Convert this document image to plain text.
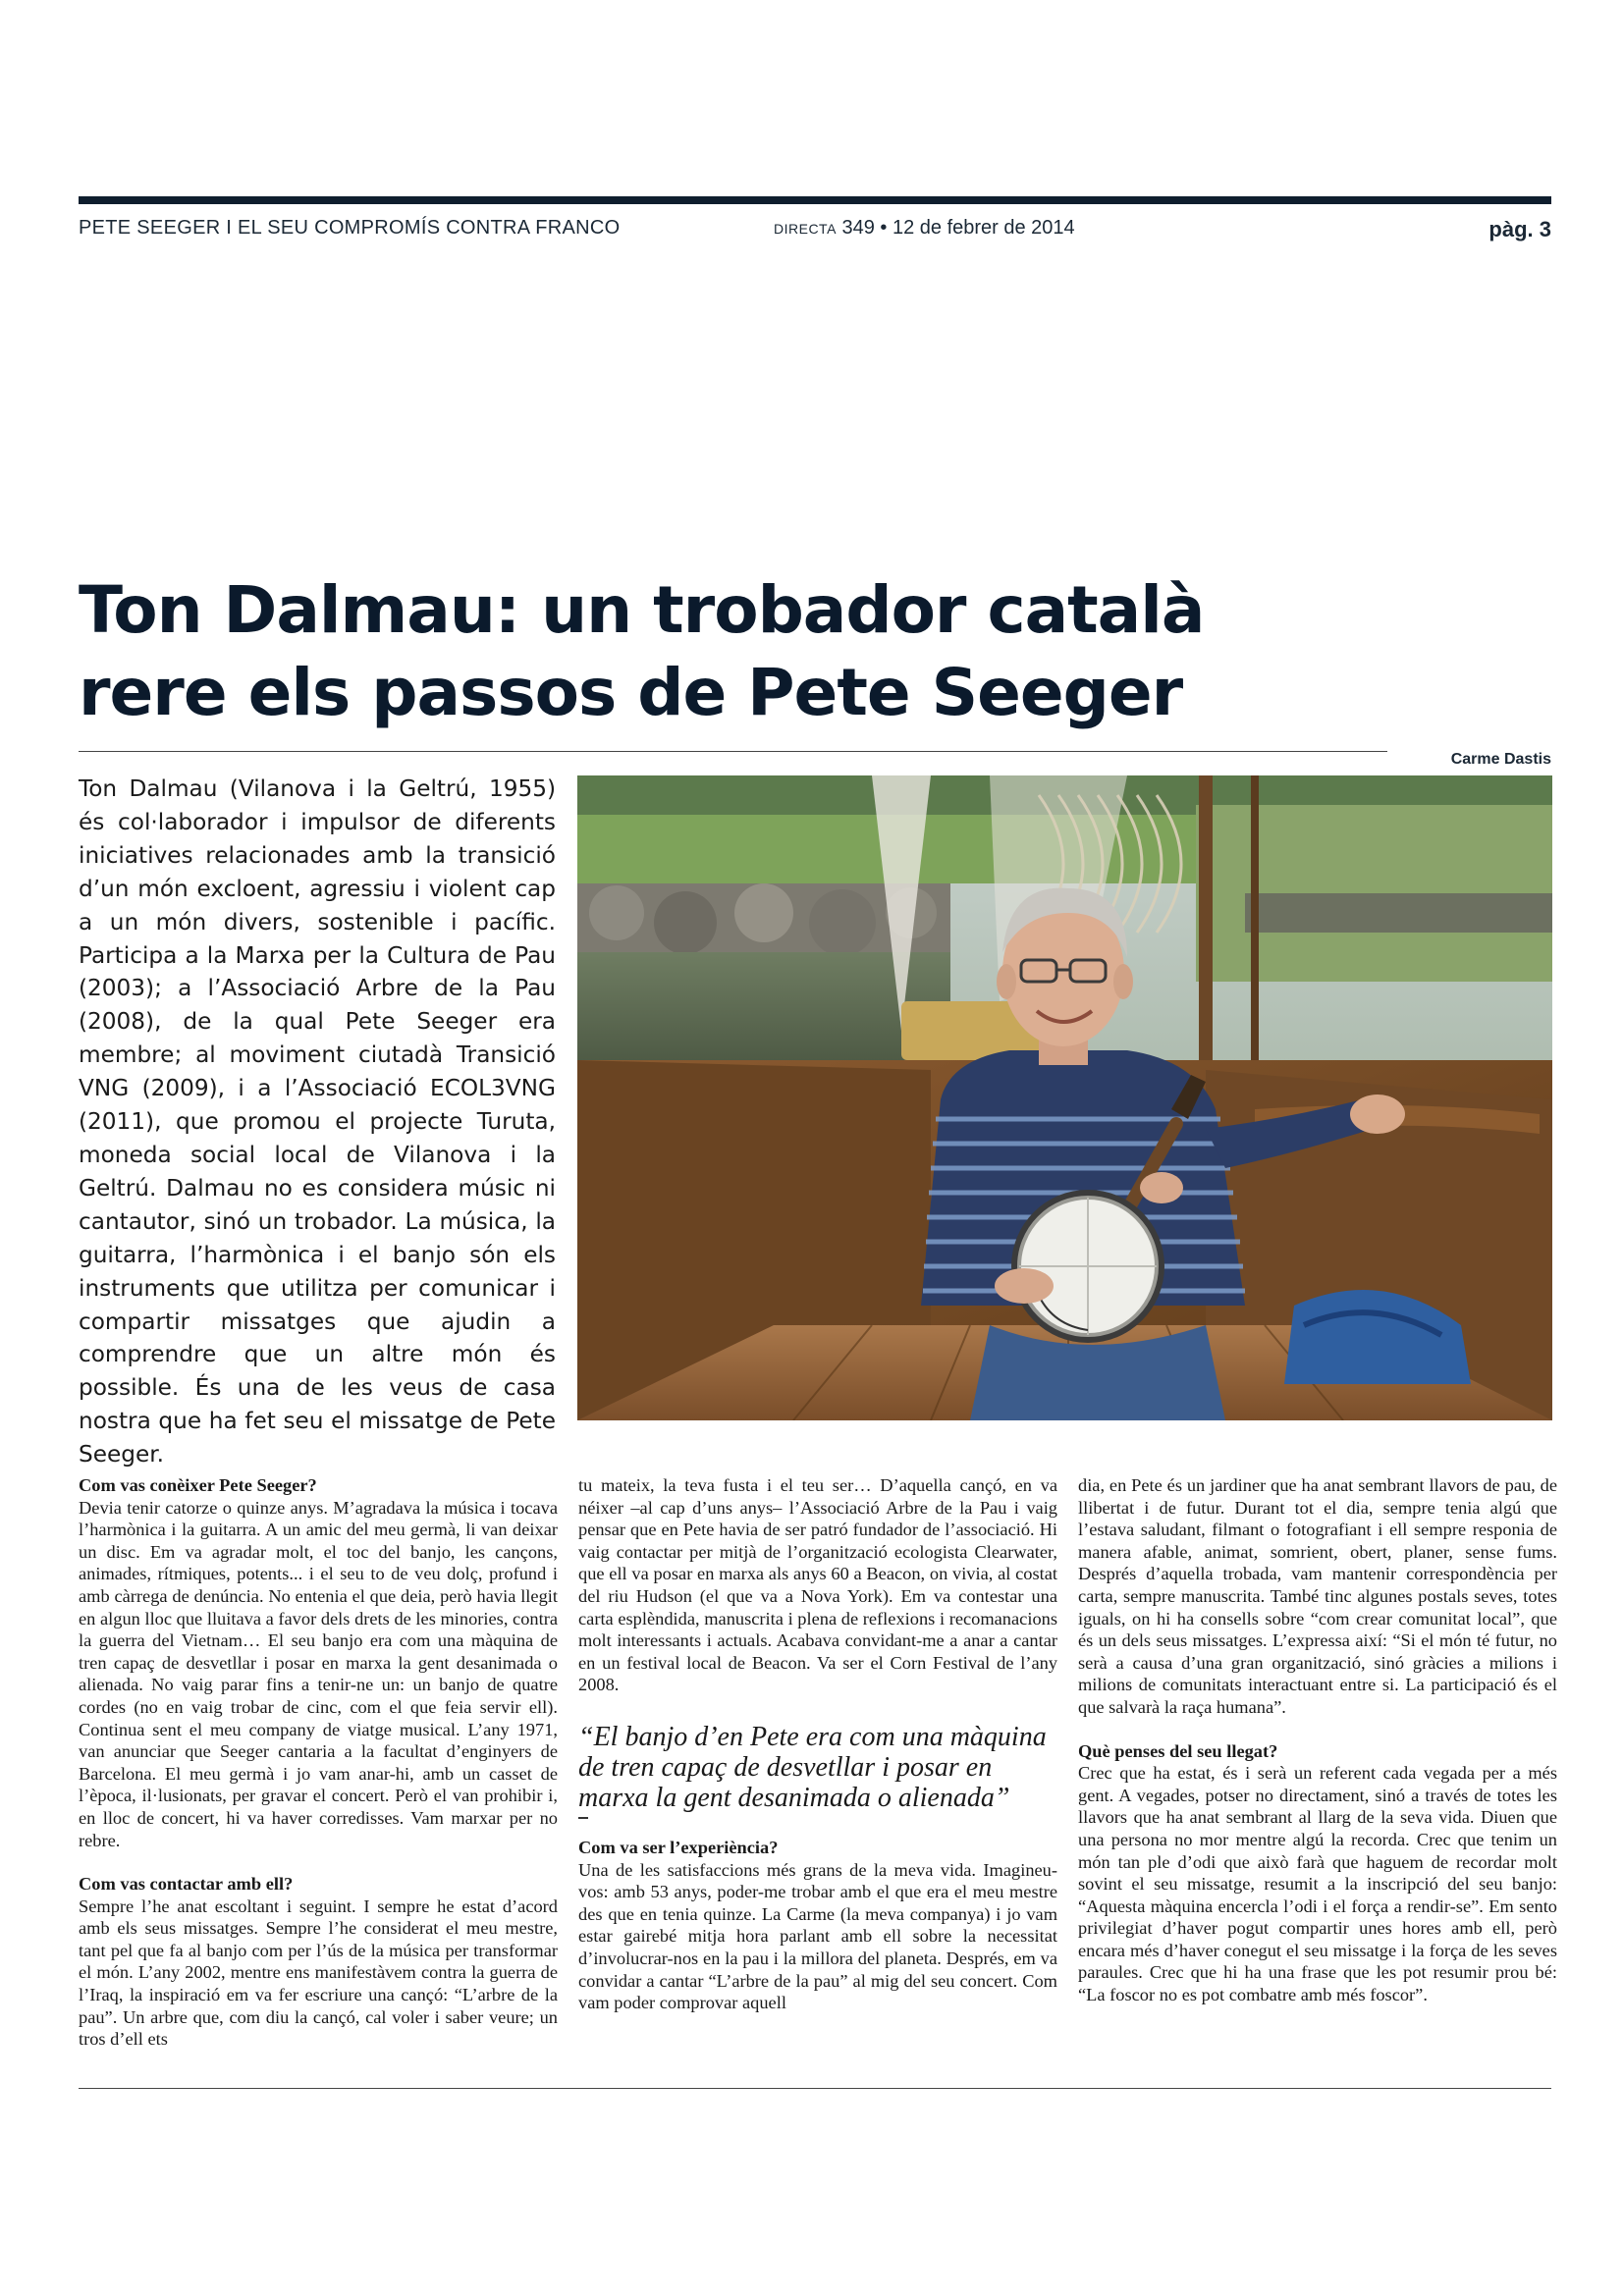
PETE SEEGER I EL SEU COMPROMÍS CONTRA FRANCO	DIRECTA 349 • 12 de febrer de 2014	pàg. 3
Ton Dalmau: un trobador català
rere els passos de Pete Seeger
Carme Dastis

Ton Dalmau (Vilanova i la Geltrú, 1955) és col·laborador i impulsor de diferents iniciatives relacionades amb la transició d’un món excloent, agressiu i violent cap a un món divers, sostenible i pacífic. Participa a la Marxa per la Cultura de Pau (2003); a l’Associació Arbre de la Pau (2008), de la qual Pete Seeger era membre; al moviment ciutadà Transició VNG (2009), i a l’Associació ECOL3VNG (2011), que promou el projecte Turuta, moneda social local de Vilanova i la Geltrú. Dalmau no es considera músic ni cantautor, sinó un trobador. La música, la guitarra, l’harmònica i el banjo són els instruments que utilitza per comunicar i compartir missatges que ajudin a comprendre que un altre món és possible. És una de les veus de casa nostra que ha fet seu el missatge de Pete Seeger.

Com vas conèixer Pete Seeger?
Devia tenir catorze o quinze anys. M’agradava la música i tocava l’harmònica i la guitarra. A un amic del meu germà, li van deixar un disc. Em va agradar molt, el toc del banjo, les cançons, animades, rítmiques, potents... i el seu to de veu dolç, profund i amb càrrega de denúncia. No entenia el que deia, però havia llegit en algun lloc que lluitava a favor dels drets de les minories, contra la guerra del Vietnam… El seu banjo era com una màquina de tren capaç de desvetllar i posar en marxa la gent desanimada o alienada. No vaig parar fins a tenir-ne un: un banjo de quatre cordes (no en vaig trobar de cinc, com el que feia servir ell). Continua sent el meu company de viatge musical. L’any 1971, van anunciar que Seeger cantaria a la facultat d’enginyers de Barcelona. El meu germà i jo vam anar-hi, amb un casset de l’època, il·lusionats, per gravar el concert. Però el van prohibir i, en lloc de concert, hi va haver corredisses. Vam marxar per no rebre.

Com vas contactar amb ell?
Sempre l’he anat escoltant i seguint. I sempre he estat d’acord amb els seus missatges. Sempre l’he considerat el meu mestre, tant pel que fa al banjo com per l’ús de la música per transformar el món. L’any 2002, mentre ens manifestàvem contra la guerra de l’Iraq, la inspiració em va fer escriure una cançó: “L’arbre de la pau”. Un arbre que, com diu la cançó, cal voler i saber veure; un tros d’ell ets

tu mateix, la teva fusta i el teu ser… D’aquella cançó, en va néixer –al cap d’uns anys– l’Associació Arbre de la Pau i vaig pensar que en Pete havia de ser patró fundador de l’associació. Hi vaig contactar per mitjà de l’organització ecologista Clearwater, que ell va posar en marxa als anys 60 a Beacon, on vivia, al costat del riu Hudson (el que va a Nova York). Em va contestar una carta esplèndida, manuscrita i plena de reflexions i recomanacions molt interessants i actuals. Acabava convidant-me a anar a cantar en un festival local de Beacon. Va ser el Corn Festival de l’any 2008.

“El banjo d’en Pete era com una màquina de tren capaç de desvetllar i posar en marxa la gent desanimada o alienada”

Com va ser l’experiència?
Una de les satisfaccions més grans de la meva vida. Imagineu-vos: amb 53 anys, poder-me trobar amb el que era el meu mestre des que en tenia quinze. La Carme (la meva companya) i jo vam estar gairebé mitja hora parlant amb ell sobre la necessitat d’involucrar-nos en la pau i la millora del planeta. Després, em va convidar a cantar “L’arbre de la pau” al mig del seu concert. Com vam poder comprovar aquell

dia, en Pete és un jardiner que ha anat sembrant llavors de pau, de llibertat i de futur. Durant tot el dia, sempre tenia algú que l’estava saludant, filmant o fotografiant i ell sempre responia de manera afable, animat, somrient, obert, planer, sense fums. Després d’aquella trobada, vam mantenir correspondència per carta, sempre manuscrita. També tinc algunes postals seves, totes iguals, on hi ha consells sobre “com crear comunitat local”, que és un dels seus missatges. L’expressa així: “Si el món té futur, no serà a causa d’una gran organització, sinó gràcies a milions i milions de comunitats interactuant entre si. La participació és el que salvarà la raça humana”.

Què penses del seu llegat?
Crec que ha estat, és i serà un referent cada vegada per a més gent. A vegades, potser no directament, sinó a través de totes les llavors que ha anat sembrant al llarg de la seva vida. Diuen que una persona no mor mentre algú la recorda. Crec que tenim un món tan ple d’odi que això farà que haguem de recordar molt sovint el seu missatge, resumit a la inscripció del seu banjo: “Aquesta màquina encercla l’odi i el força a rendir-se”. Em sento privilegiat d’haver pogut compartir unes hores amb ell, però encara més d’haver conegut el seu missatge i la força de les seves paraules. Crec que hi ha una frase que les pot resumir prou bé: “La foscor no es pot combatre amb més foscor”.
